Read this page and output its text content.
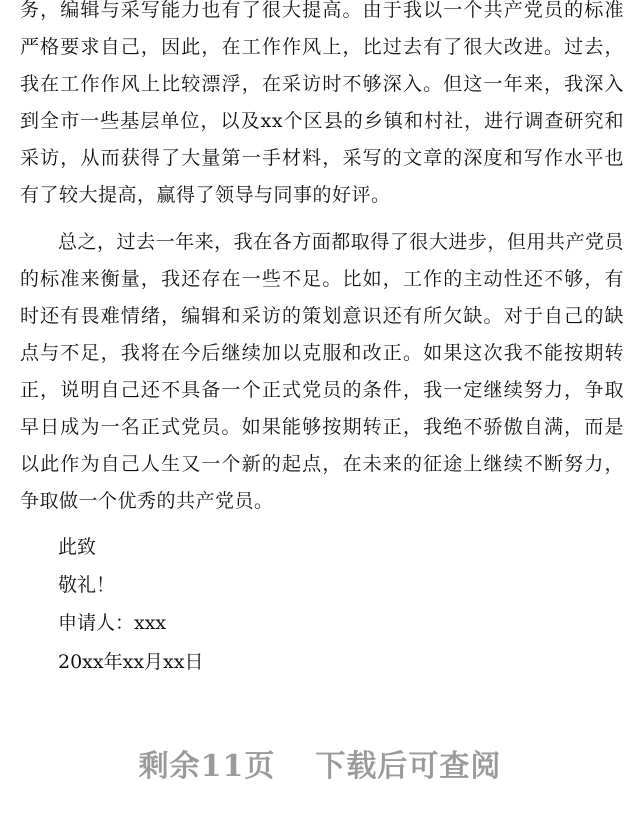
务，编辑与采写能力也有了很大提高。由于我以一个共产党员的标准严格要求自己，因此，在工作作风上，比过去有了很大改进。过去，我在工作作风上比较漂浮，在采访时不够深入。但这一年来，我深入到全市一些基层单位，以及xx个区县的乡镇和村社，进行调查研究和采访，从而获得了大量第一手材料，采写的文章的深度和写作水平也有了较大提高，赢得了领导与同事的好评。
总之，过去一年来，我在各方面都取得了很大进步，但用共产党员的标准来衡量，我还存在一些不足。比如，工作的主动性还不够，有时还有畏难情绪，编辑和采访的策划意识还有所欠缺。对于自己的缺点与不足，我将在今后继续加以克服和改正。如果这次我不能按期转正，说明自己还不具备一个正式党员的条件，我一定继续努力，争取早日成为一名正式党员。如果能够按期转正，我绝不骄傲自满，而是以此作为自己人生又一个新的起点，在未来的征途上继续不断努力，争取做一个优秀的共产党员。
此致
敬礼！
申请人：xxx
20xx年xx月xx日
剩余11页 下载后可查阅
